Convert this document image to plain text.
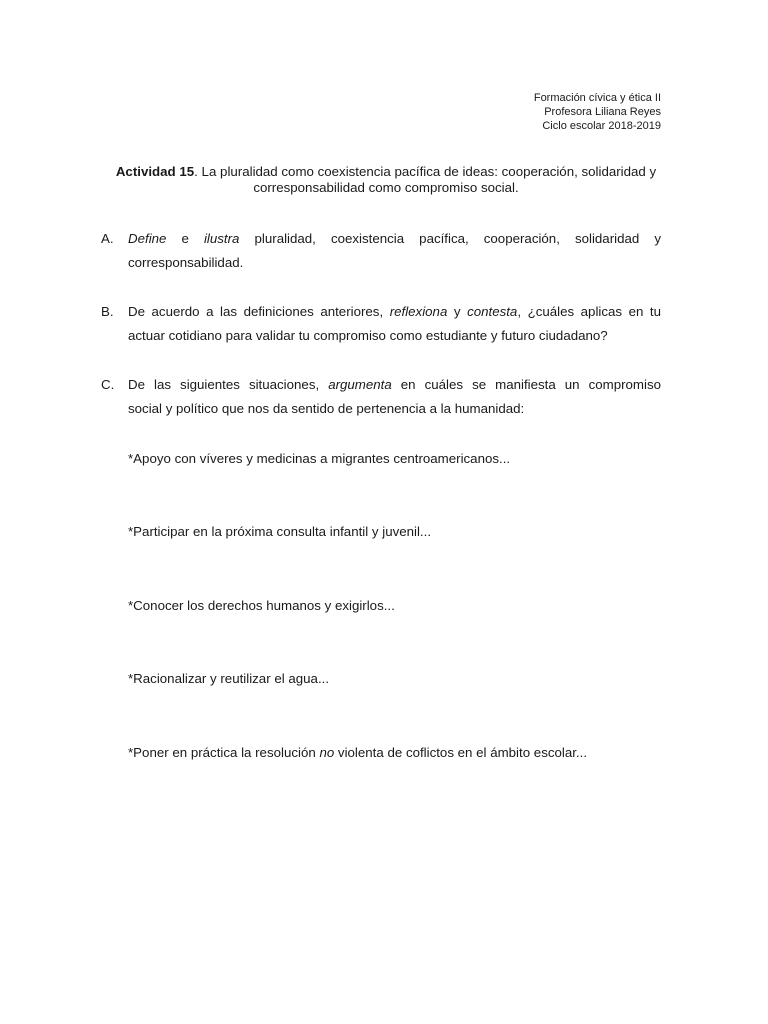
Formación cívica y ética II
Profesora Liliana Reyes
Ciclo escolar 2018-2019
Actividad 15. La pluralidad como coexistencia pacífica de ideas: cooperación, solidaridad y
corresponsabilidad como compromiso social.
A.	Define e ilustra pluralidad, coexistencia pacífica, cooperación, solidaridad y
corresponsabilidad.
B.	De acuerdo a las definiciones anteriores, reflexiona y contesta, ¿cuáles aplicas en tu
actuar cotidiano para validar tu compromiso como estudiante y futuro ciudadano?
C.	De las siguientes situaciones, argumenta en cuáles se manifiesta un compromiso
social y político que nos da sentido de pertenencia a la humanidad:
*Apoyo con víveres y medicinas a migrantes centroamericanos...
*Participar en la próxima consulta infantil y juvenil...
*Conocer los derechos humanos y exigirlos...
*Racionalizar y reutilizar el agua...
*Poner en práctica la resolución no violenta de coflictos en el ámbito escolar...
